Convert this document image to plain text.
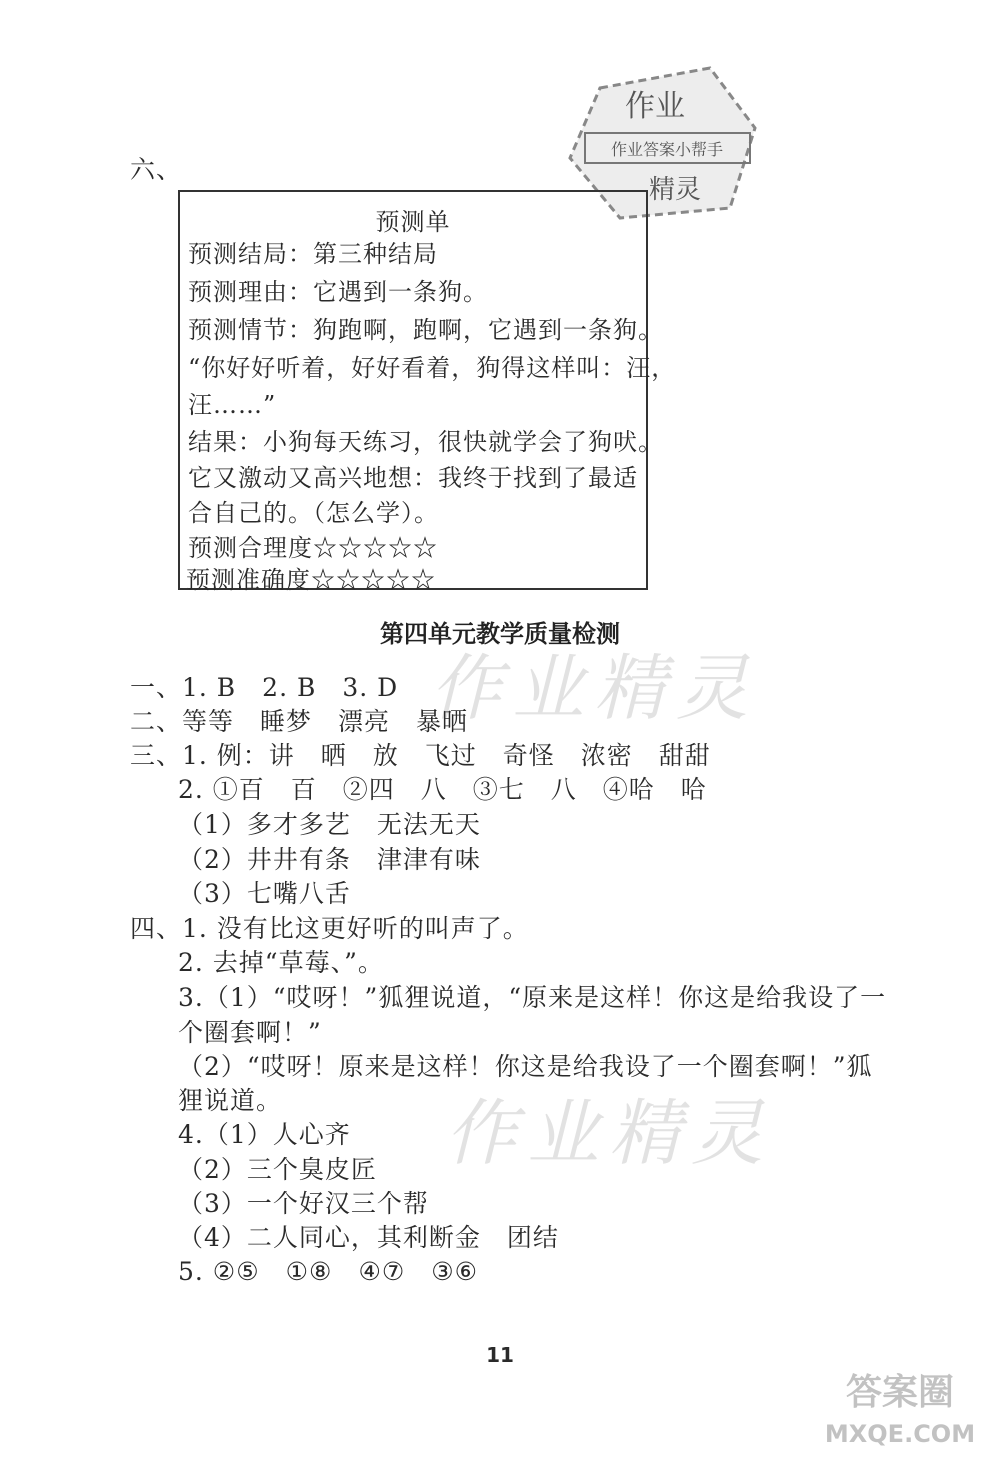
作业精灵
作业精灵
作业
作业答案小帮手
精灵
六、
预测单
预测结局：第三种结局
预测理由：它遇到一条狗。
预测情节：狗跑啊，跑啊，它遇到一条狗。
“你好好听着，好好看着，狗得这样叫：汪，
汪……”
结果：小狗每天练习，很快就学会了狗吠。
它又激动又高兴地想：我终于找到了最适
合自己的。（怎么学）。
预测合理度☆☆☆☆☆
预测准确度☆☆☆☆☆
第四单元教学质量检测
一、1. B　2. B　3. D
二、等等　睡梦　漂亮　暴晒
三、1. 例：讲　晒　放　飞过　奇怪　浓密　甜甜
2. ①百　百　②四　八　③七　八　④哈　哈
（1）多才多艺　无法无天
（2）井井有条　津津有味
（3）七嘴八舌
四、1. 没有比这更好听的叫声了。
2. 去掉“草莓、”。
3.（1）“哎呀！”狐狸说道，“原来是这样！你这是给我设了一
个圈套啊！”
（2）“哎呀！原来是这样！你这是给我设了一个圈套啊！”狐
狸说道。
4.（1）人心齐
（2）三个臭皮匠
（3）一个好汉三个帮
（4）二人同心，其利断金　团结
5. ②⑤　①⑧　④⑦　③⑥
11
答案圈
MXQE.COM
